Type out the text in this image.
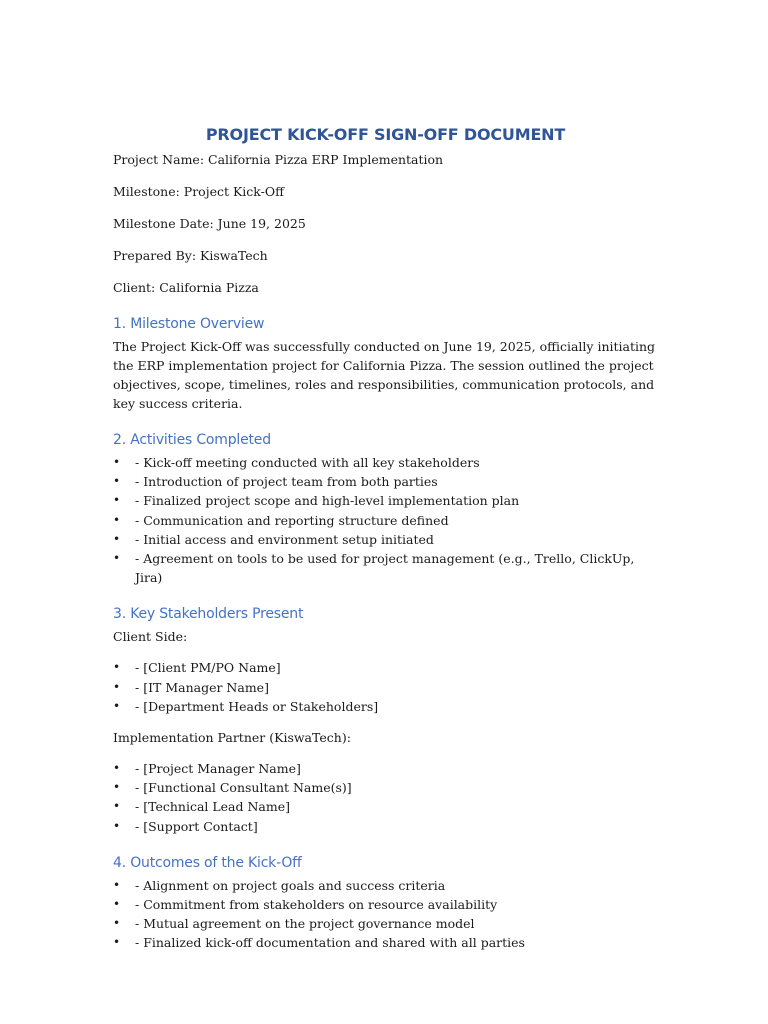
PROJECT KICK-OFF SIGN-OFF DOCUMENT

Project Name: California Pizza ERP Implementation

Milestone: Project Kick-Off

Milestone Date: June 19, 2025

Prepared By: KiswaTech

Client: California Pizza

1. Milestone Overview

The Project Kick-Off was successfully conducted on June 19, 2025, officially initiating the ERP implementation project for California Pizza. The session outlined the project objectives, scope, timelines, roles and responsibilities, communication protocols, and key success criteria.

2. Activities Completed
•	- Kick-off meeting conducted with all key stakeholders
•	- Introduction of project team from both parties
•	- Finalized project scope and high-level implementation plan
•	- Communication and reporting structure defined
•	- Initial access and environment setup initiated
•	- Agreement on tools to be used for project management (e.g., Trello, ClickUp, Jira)
3. Key Stakeholders Present

Client Side:

•	- [Client PM/PO Name]
•	- [IT Manager Name]
•	- [Department Heads or Stakeholders]

Implementation Partner (KiswaTech):

•	- [Project Manager Name]
•	- [Functional Consultant Name(s)]
•	- [Technical Lead Name]
•	- [Support Contact]
4. Outcomes of the Kick-Off
•	- Alignment on project goals and success criteria
•	- Commitment from stakeholders on resource availability
•	- Mutual agreement on the project governance model
•	- Finalized kick-off documentation and shared with all parties
